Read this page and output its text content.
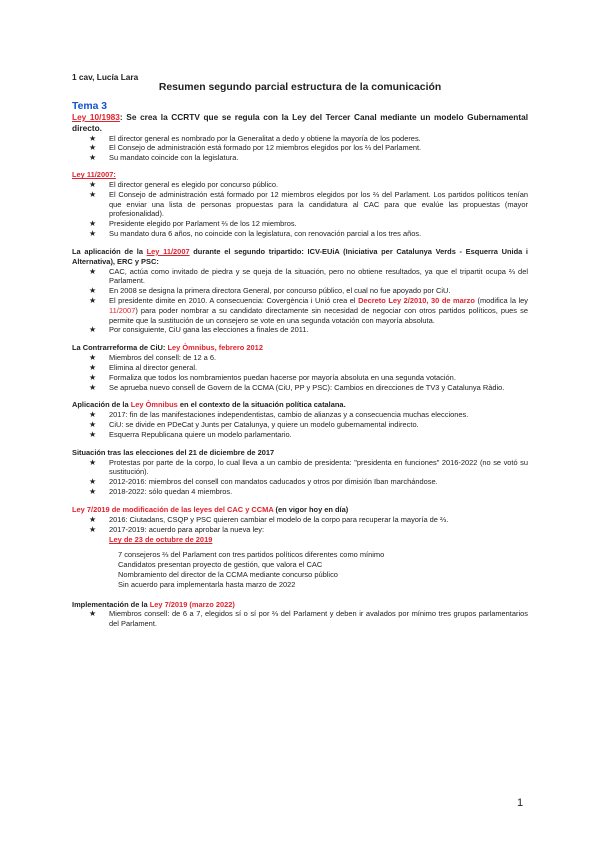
1 cav, Lucía Lara
Resumen segundo parcial estructura de la comunicación
Tema 3

Ley 10/1983: Se crea la CCRTV que se regula con la Ley del Tercer Canal mediante un modelo Gubernamental directo.

★ El director general es nombrado por la Generalitat a dedo y obtiene la mayoría de los poderes.
★ El Consejo de administración está formado por 12 miembros elegidos por los ⅔ del Parlament.
★ Su mandato coincide con la legislatura.

Ley 11/2007:

★ El director general es elegido por concurso público.
★ El Consejo de administración está formado por 12 miembros elegidos por los ⅔ del Parlament. Los partidos políticos tenían que enviar una lista de personas propuestas para la candidatura al CAC para que evalúe las propuestas (mayor profesionalidad).
★ Presidente elegido por Parlament ⅔ de los 12 miembros.
★ Su mandato dura 6 años, no coincide con la legislatura, con renovación parcial a los tres años.

La aplicación de la Ley 11/2007 durante el segundo tripartido: ICV-EUiA (Iniciativa per Catalunya Verds - Esquerra Unida i Alternativa), ERC y PSC:

★ CAC, actúa como invitado de piedra y se queja de la situación, pero no obtiene resultados, ya que el tripartit ocupa ⅔ del Parlament.
★ En 2008 se designa la primera directora General, por concurso público, el cual no fue apoyado por CiU.
★ El presidente dimite en 2010. A consecuencia: Covergència i Unió crea el Decreto Ley 2/2010, 30 de marzo (modifica la ley 11/2007) para poder nombrar a su candidato directamente sin necesidad de negociar con otros partidos políticos, pues se permite que la sustitución de un consejero se vote en una segunda votación con mayoría absoluta.
★ Por consiguiente, CiU gana las elecciones a finales de 2011.

La Contrarreforma de CiU: Ley Òmnibus, febrero 2012

★ Miembros del consell: de 12 a 6.
★ Elimina al director general.
★ Formaliza que todos los nombramientos puedan hacerse por mayoría absoluta en una segunda votación.
★ Se aprueba nuevo consell de Govern de la CCMA (CiU, PP y PSC): Cambios en direcciones de TV3 y Catalunya Ràdio.

Aplicación de la Ley Òmnibus en el contexto de la situación política catalana.

★ 2017: fin de las manifestaciones independentistas, cambio de alianzas y a consecuencia muchas elecciones.
★ CiU: se divide en PDeCat y Junts per Catalunya, y quiere un modelo gubernamental indirecto.
★ Esquerra Republicana quiere un modelo parlamentario.

Situación tras las elecciones del 21 de diciembre de 2017

★ Protestas por parte de la corpo, lo cual lleva a un cambio de presidenta: "presidenta en funciones" 2016-2022 (no se votó su sustitución).
★ 2012-2016: miembros del consell con mandatos caducados y otros por dimisión Iban marchándose.
★ 2018-2022: sólo quedan 4 miembros.

Ley 7/2019 de modificación de las leyes del CAC y CCMA (en vigor hoy en día)

★ 2016: Ciutadans, CSQP y PSC quieren cambiar el modelo de la corpo para recuperar la mayoría de ⅔.
★ 2017-2019: acuerdo para aprobar la nueva ley:
Ley de 23 de octubre de 2019
7 consejeros ⅔ del Parlament con tres partidos políticos diferentes como mínimo
Candidatos presentan proyecto de gestión, que valora el CAC
Nombramiento del director de la CCMA mediante concurso público
Sin acuerdo para implementarla hasta marzo de 2022

Implementación de la Ley 7/2019 (marzo 2022)

★ Miembros consell: de 6 a 7, elegidos sí o sí por ⅔ del Parlament y deben ir avalados por mínimo tres grupos parlamentarios del Parlament.
1
